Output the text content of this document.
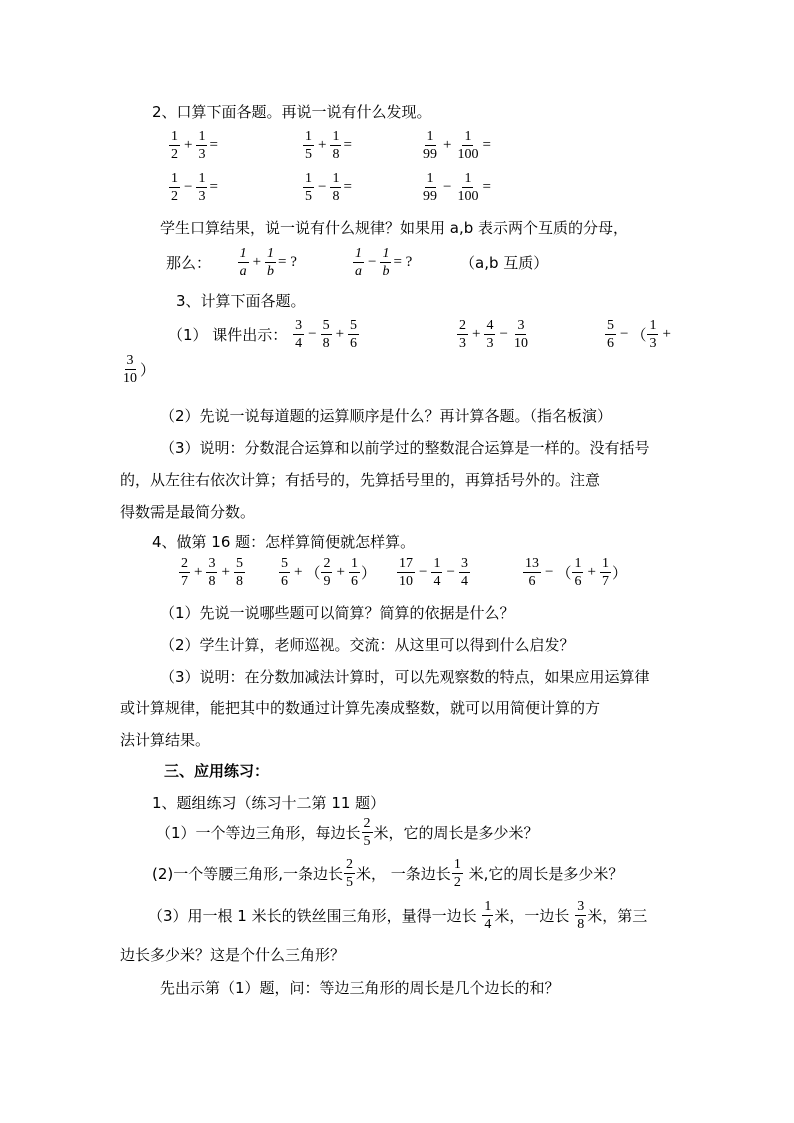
2、口算下面各题。再说一说有什么发现。
$\frac{1}{2} + \frac{1}{3}$ =	$\frac{1}{5} + \frac{1}{8}$ =	$\frac{1}{99} + \frac{1}{100}$ =
$\frac{1}{2} - \frac{1}{3}$ =	$\frac{1}{5} - \frac{1}{8}$ =	$\frac{1}{99} - \frac{1}{100}$ =
学生口算结果，说一说有什么规律？如果用 a,b 表示两个互质的分母，
那么： $\frac{1}{a} + \frac{1}{b}$ = ?	$\frac{1}{a} - \frac{1}{b}$ = ?	（a,b 互质）
3、计算下面各题。
（1） 课件出示： $\frac{3}{4} - \frac{5}{8} + \frac{5}{6}$	$\frac{2}{3} + \frac{4}{3} - \frac{3}{10}$	$\frac{5}{6}$ − （ $\frac{1}{3}$ +
$\frac{3}{10}$ ）
（2）先说一说每道题的运算顺序是什么？再计算各题。（指名板演）
（3）说明：分数混合运算和以前学过的整数混合运算是一样的。没有括号
的，从左往右依次计算；有括号的，先算括号里的，再算括号外的。注意
得数需是最简分数。
4、做第 16 题：怎样算简便就怎样算。
$\frac{2}{7} + \frac{3}{8} + \frac{5}{8} \frac{5}{6}$ + （ $\frac{2}{9} + \frac{1}{6}$ ） $\frac{17}{10} - \frac{1}{4} - \frac{3}{4}$	$\frac{13}{6}$ − （ $\frac{1}{6} + \frac{1}{7}$ ）
（1）先说一说哪些题可以简算？简算的依据是什么？
（2）学生计算，老师巡视。交流：从这里可以得到什么启发？
（3）说明：在分数加减法计算时，可以先观察数的特点，如果应用运算律
或计算规律，能把其中的数通过计算先凑成整数，就可以用简便计算的方
法计算结果。
三、应用练习：
1、题组练习（练习十二第 11 题）
（1）一个等边三角形，每边长 $\frac{2}{5}$ 米，它的周长是多少米？
(2)一个等腰三角形,一条边长 $\frac{2}{5}$ 米， 一条边长 $\frac{1}{2}$ 米,它的周长是多少米？
（3）用一根 1 米长的铁丝围三角形，量得一边长 $\frac{1}{4}$ 米，一边长 $\frac{3}{8}$ 米，第三
边长多少米？这是个什么三角形？
先出示第（1）题，问：等边三角形的周长是几个边长的和？
